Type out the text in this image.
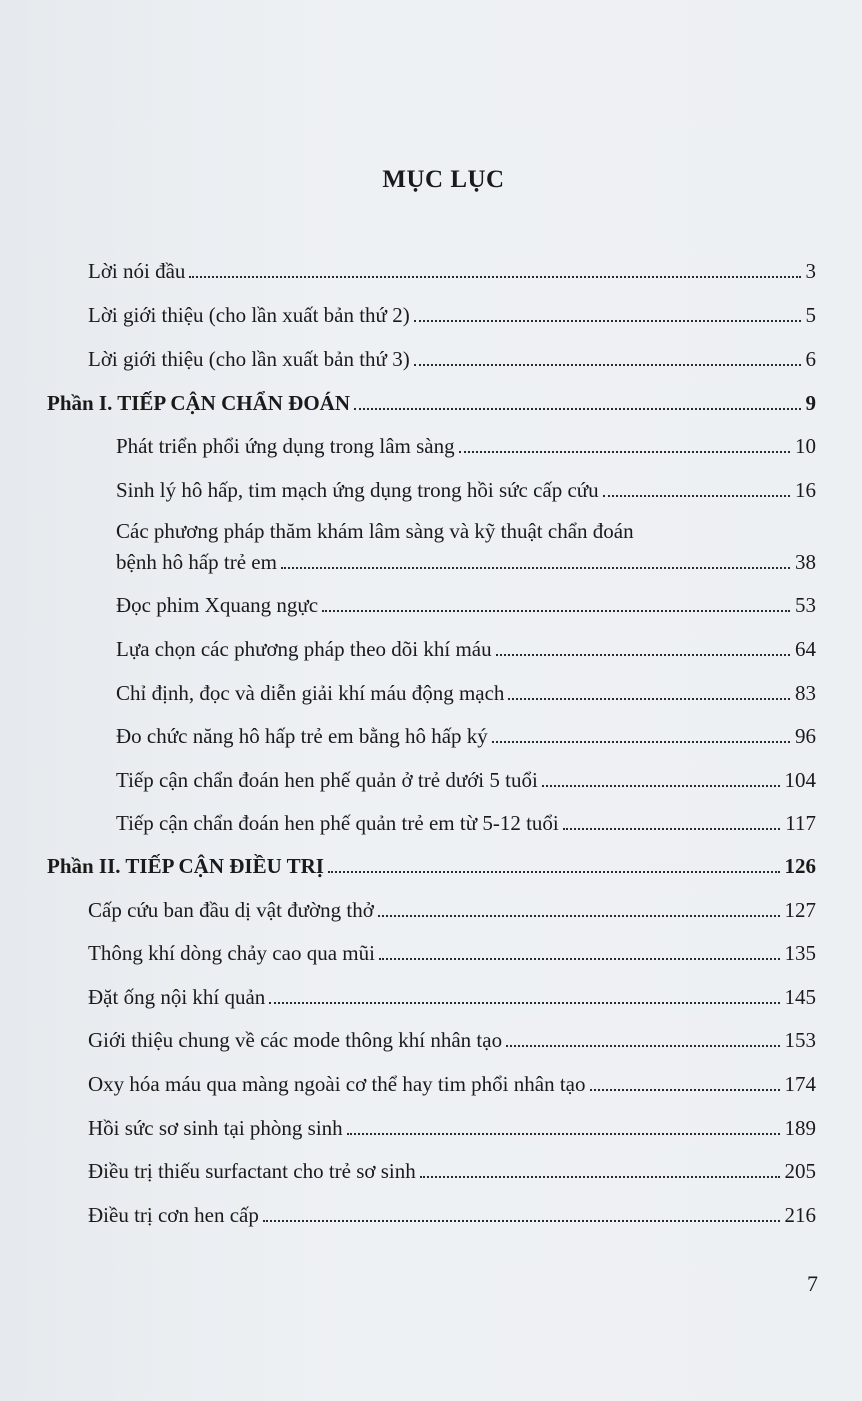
MỤC LỤC
Lời nói đầu	3
Lời giới thiệu (cho lần xuất bản thứ 2)	5
Lời giới thiệu (cho lần xuất bản thứ 3)	6
Phần I. TIẾP CẬN CHẨN ĐOÁN	9
Phát triển phổi ứng dụng trong lâm sàng	10
Sinh lý hô hấp, tim mạch ứng dụng trong hồi sức cấp cứu	16
Các phương pháp thăm khám lâm sàng và kỹ thuật chẩn đoán
bệnh hô hấp trẻ em	38
Đọc phim Xquang ngực	53
Lựa chọn các phương pháp theo dõi khí máu	64
Chỉ định, đọc và diễn giải khí máu động mạch	83
Đo chức năng hô hấp trẻ em bằng hô hấp ký	96
Tiếp cận chẩn đoán hen phế quản ở trẻ dưới 5 tuổi	104
Tiếp cận chẩn đoán hen phế quản trẻ em từ 5-12 tuổi	117
Phần II. TIẾP CẬN ĐIỀU TRỊ	126
Cấp cứu ban đầu dị vật đường thở	127
Thông khí dòng chảy cao qua mũi	135
Đặt ống nội khí quản	145
Giới thiệu chung về các mode thông khí nhân tạo	153
Oxy hóa máu qua màng ngoài cơ thể hay tim phổi nhân tạo	174
Hồi sức sơ sinh tại phòng sinh	189
Điều trị thiếu surfactant cho trẻ sơ sinh	205
Điều trị cơn hen cấp	216
7
